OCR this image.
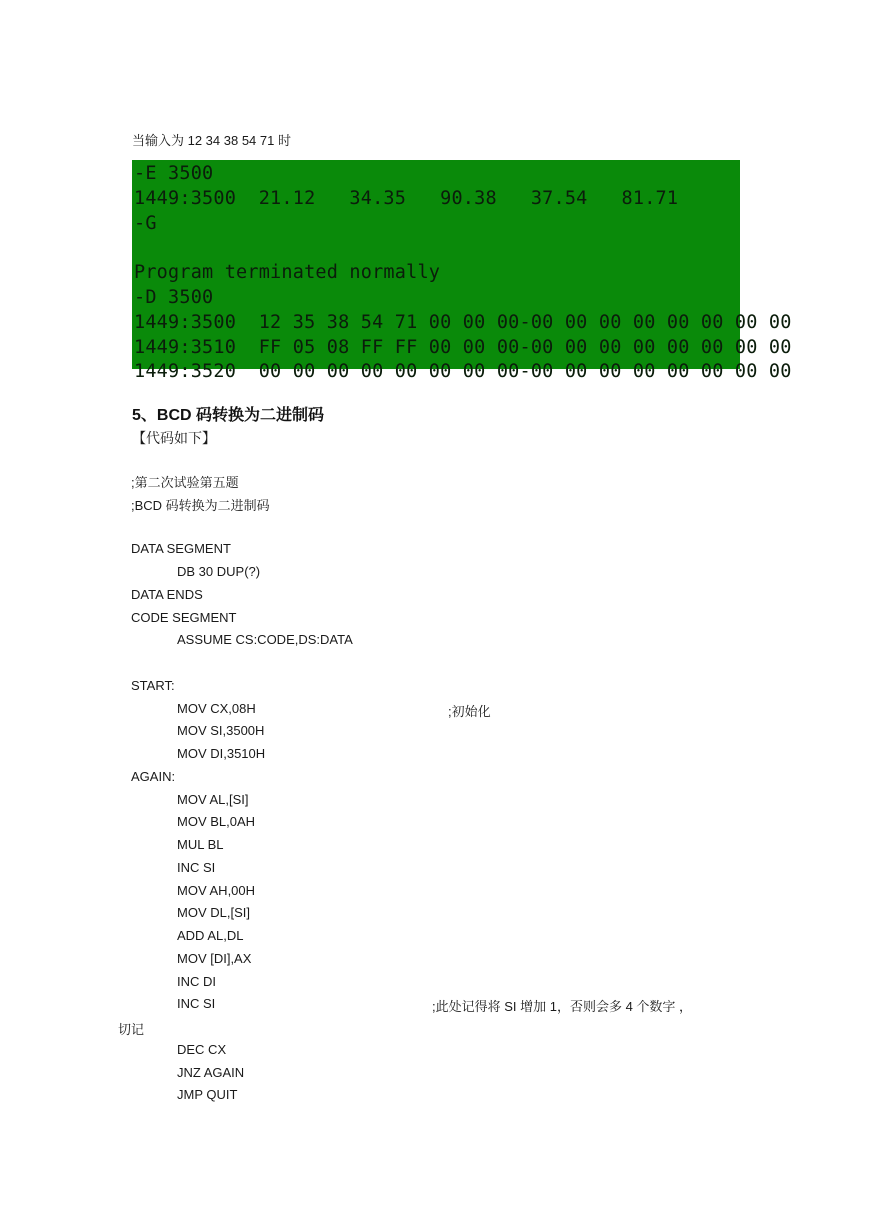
当输入为 12 34 38 54 71 时
-E 3500
1449:3500  21.12   34.35   90.38   37.54   81.71
-G
Program terminated normally
-D 3500
1449:3500  12 35 38 54 71 00 00 00-00 00 00 00 00 00 00 00
1449:3510  FF 05 08 FF FF 00 00 00-00 00 00 00 00 00 00 00
1449:3520  00 00 00 00 00 00 00 00-00 00 00 00 00 00 00 00
5、BCD 码转换为二进制码
【代码如下】
;第二次试验第五题
;BCD 码转换为二进制码
DATA SEGMENT
DB 30 DUP(?)
DATA ENDS
CODE SEGMENT
ASSUME CS:CODE,DS:DATA
START:
MOV CX,08H	;初始化
MOV SI,3500H
MOV DI,3510H
AGAIN:
MOV AL,[SI]
MOV BL,0AH
MUL BL
INC SI
MOV AH,00H
MOV DL,[SI]
ADD AL,DL
MOV [DI],AX
INC DI
INC SI	;此处记得将 SI 增加 1，否则会多 4 个数字 ，
切记
DEC CX
JNZ AGAIN
JMP QUIT
